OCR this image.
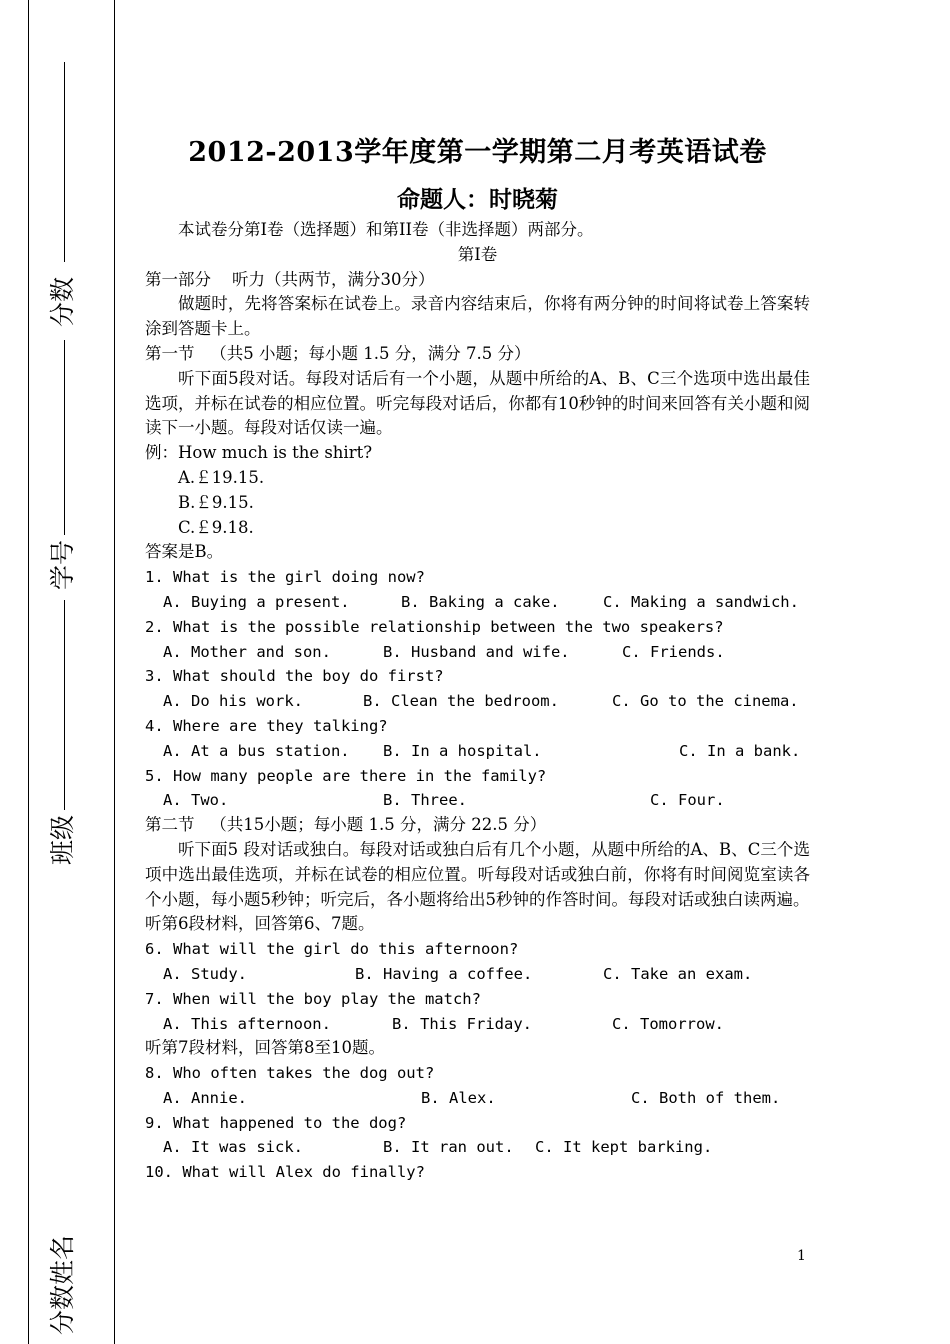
分数
学号
班级
分数姓名
2012-2013学年度第一学期第二月考英语试卷
命题人：时晓菊
本试卷分第I卷（选择题）和第II卷（非选择题）两部分。
第I卷
第一部分    听力（共两节，满分30分）
做题时，先将答案标在试卷上。录音内容结束后，你将有两分钟的时间将试卷上答案转涂到答题卡上。
第一节   （共5 小题；每小题 1.5 分，满分 7.5 分）
听下面5段对话。每段对话后有一个小题，从题中所给的A、B、C三个选项中选出最佳选项，并标在试卷的相应位置。听完每段对话后，你都有10秒钟的时间来回答有关小题和阅读下一小题。每段对话仅读一遍。
例：How much is the shirt?
A.￡19.15.
B.￡9.15.
C.￡9.18.
答案是B。
1. What is the girl doing now?
A. Buying a present.	B. Baking a cake.	C. Making a sandwich.
2. What is the possible relationship between the two speakers?
A. Mother and son.	B. Husband and wife.	C. Friends.
3. What should the boy do first?
A. Do his work.	B. Clean the bedroom.	C. Go to the cinema.
4. Where are they talking?
A. At a bus station.	B. In a hospital.	C. In a bank.
5. How many people are there in the family?
A. Two.	B. Three.	C. Four.
第二节   （共15小题；每小题 1.5 分，满分 22.5 分）
听下面5 段对话或独白。每段对话或独白后有几个小题，从题中所给的A、B、C三个选项中选出最佳选项，并标在试卷的相应位置。听每段对话或独白前，你将有时间阅览室读各个小题，每小题5秒钟；听完后，各小题将给出5秒钟的作答时间。每段对话或独白读两遍。
听第6段材料，回答第6、7题。
6. What will the girl do this afternoon?
A. Study.	B. Having a coffee.	C. Take an exam.
7. When will the boy play the match?
A. This afternoon.	B. This Friday.	C. Tomorrow.
听第7段材料，回答第8至10题。
8. Who often takes the dog out?
A. Annie.	B. Alex.	C. Both of them.
9. What happened to the dog?
A. It was sick.	B. It ran out.	C. It kept barking.
10. What will Alex do finally?
1
